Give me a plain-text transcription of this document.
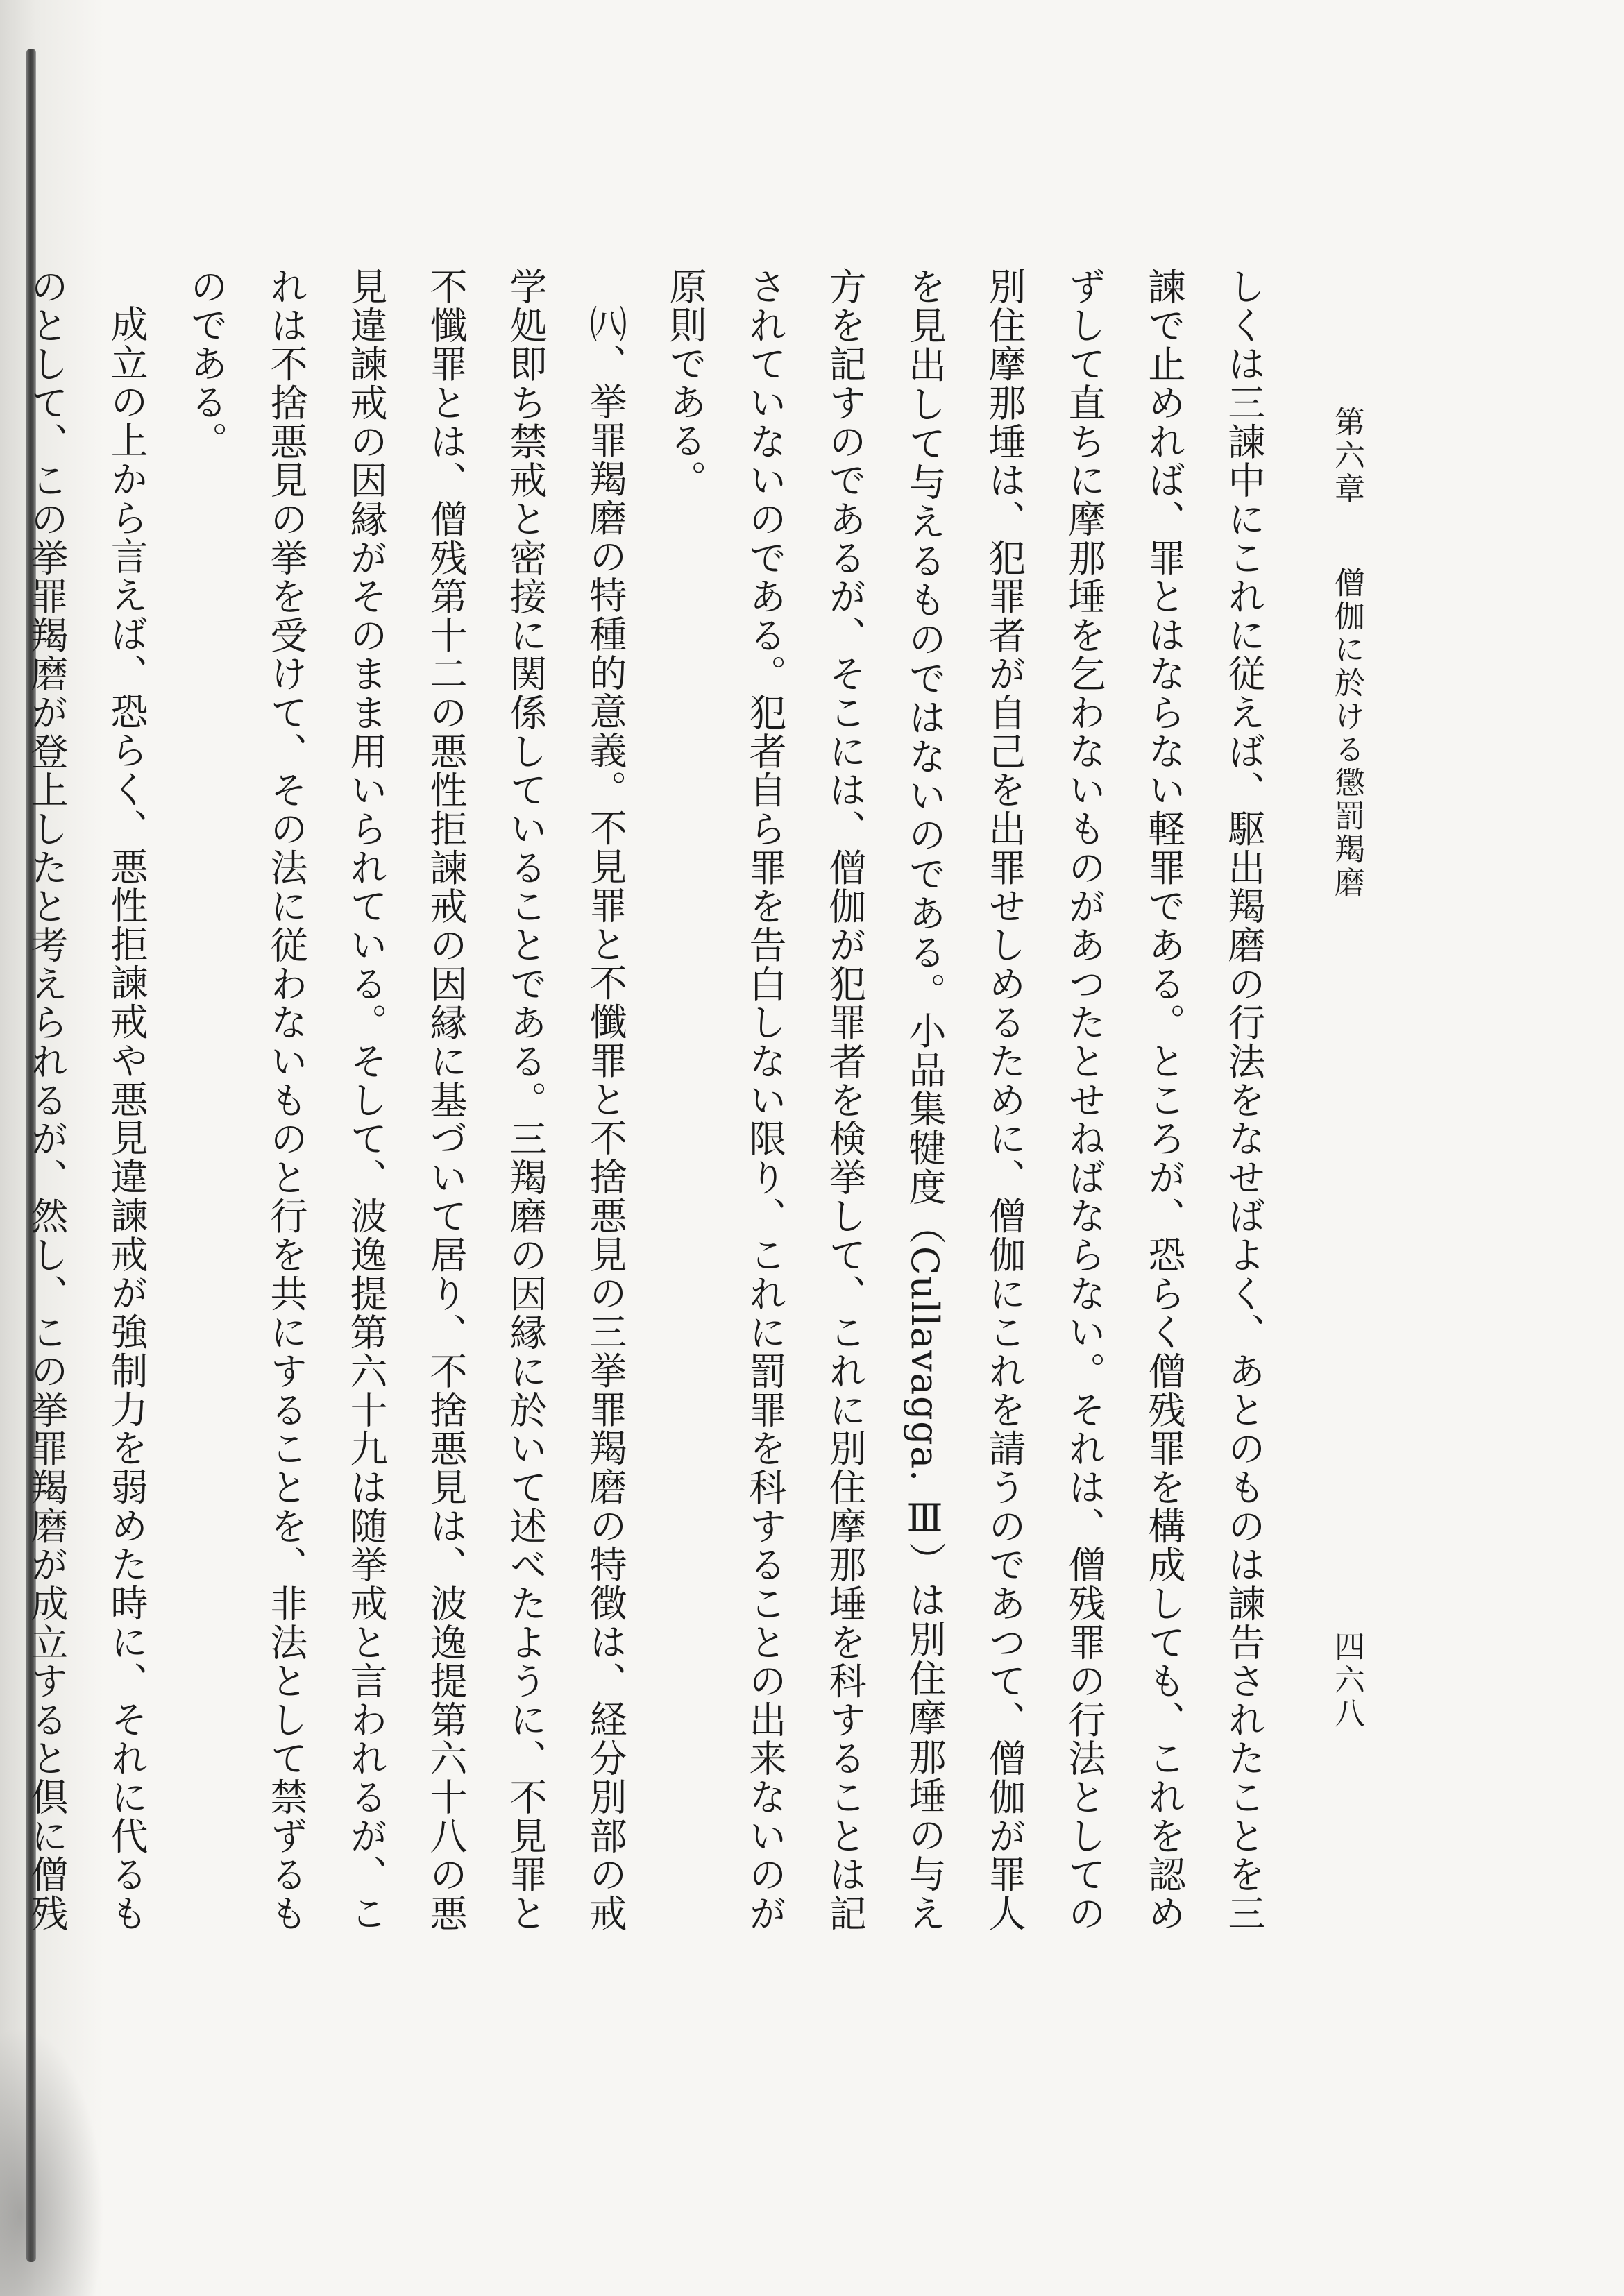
第六章　僧伽に於ける懲罰羯磨
四六八

しくは三諫中にこれに従えば、駆出羯磨の行法をなせばよく、あとのものは諫告されたことを三諫で止めれば、罪とはならない軽罪である。ところが、恐らく僧残罪を構成しても、これを認めずして直ちに摩那埵を乞わないものがあつたとせねばならない。それは、僧残罪の行法としての別住摩那埵は、犯罪者が自己を出罪せしめるために、僧伽にこれを請うのであつて、僧伽が罪人を見出して与えるものではないのである。小品集犍度（Cullavagga. Ⅲ）は別住摩那埵の与え方を記すのであるが、そこには、僧伽が犯罪者を検挙して、これに別住摩那埵を科することは記されていないのである。犯者自ら罪を告白しない限り、これに罰罪を科することの出来ないのが原則である。

㈧、挙罪羯磨の特種的意義。不見罪と不懺罪と不捨悪見の三挙罪羯磨の特徴は、経分別部の戒学処即ち禁戒と密接に関係していることである。三羯磨の因縁に於いて述べたように、不見罪と不懺罪とは、僧残第十二の悪性拒諫戒の因縁に基づいて居り、不捨悪見は、波逸提第六十八の悪見違諫戒の因縁がそのまま用いられている。そして、波逸提第六十九は随挙戒と言われるが、これは不捨悪見の挙を受けて、その法に従わないものと行を共にすることを、非法として禁ずるものである。

成立の上から言えば、恐らく、悪性拒諫戒や悪見違諫戒が強制力を弱めた時に、それに代るものとして、この挙罪羯磨が登上したと考えられるが、然し、この挙罪羯磨が成立すると倶に僧残
